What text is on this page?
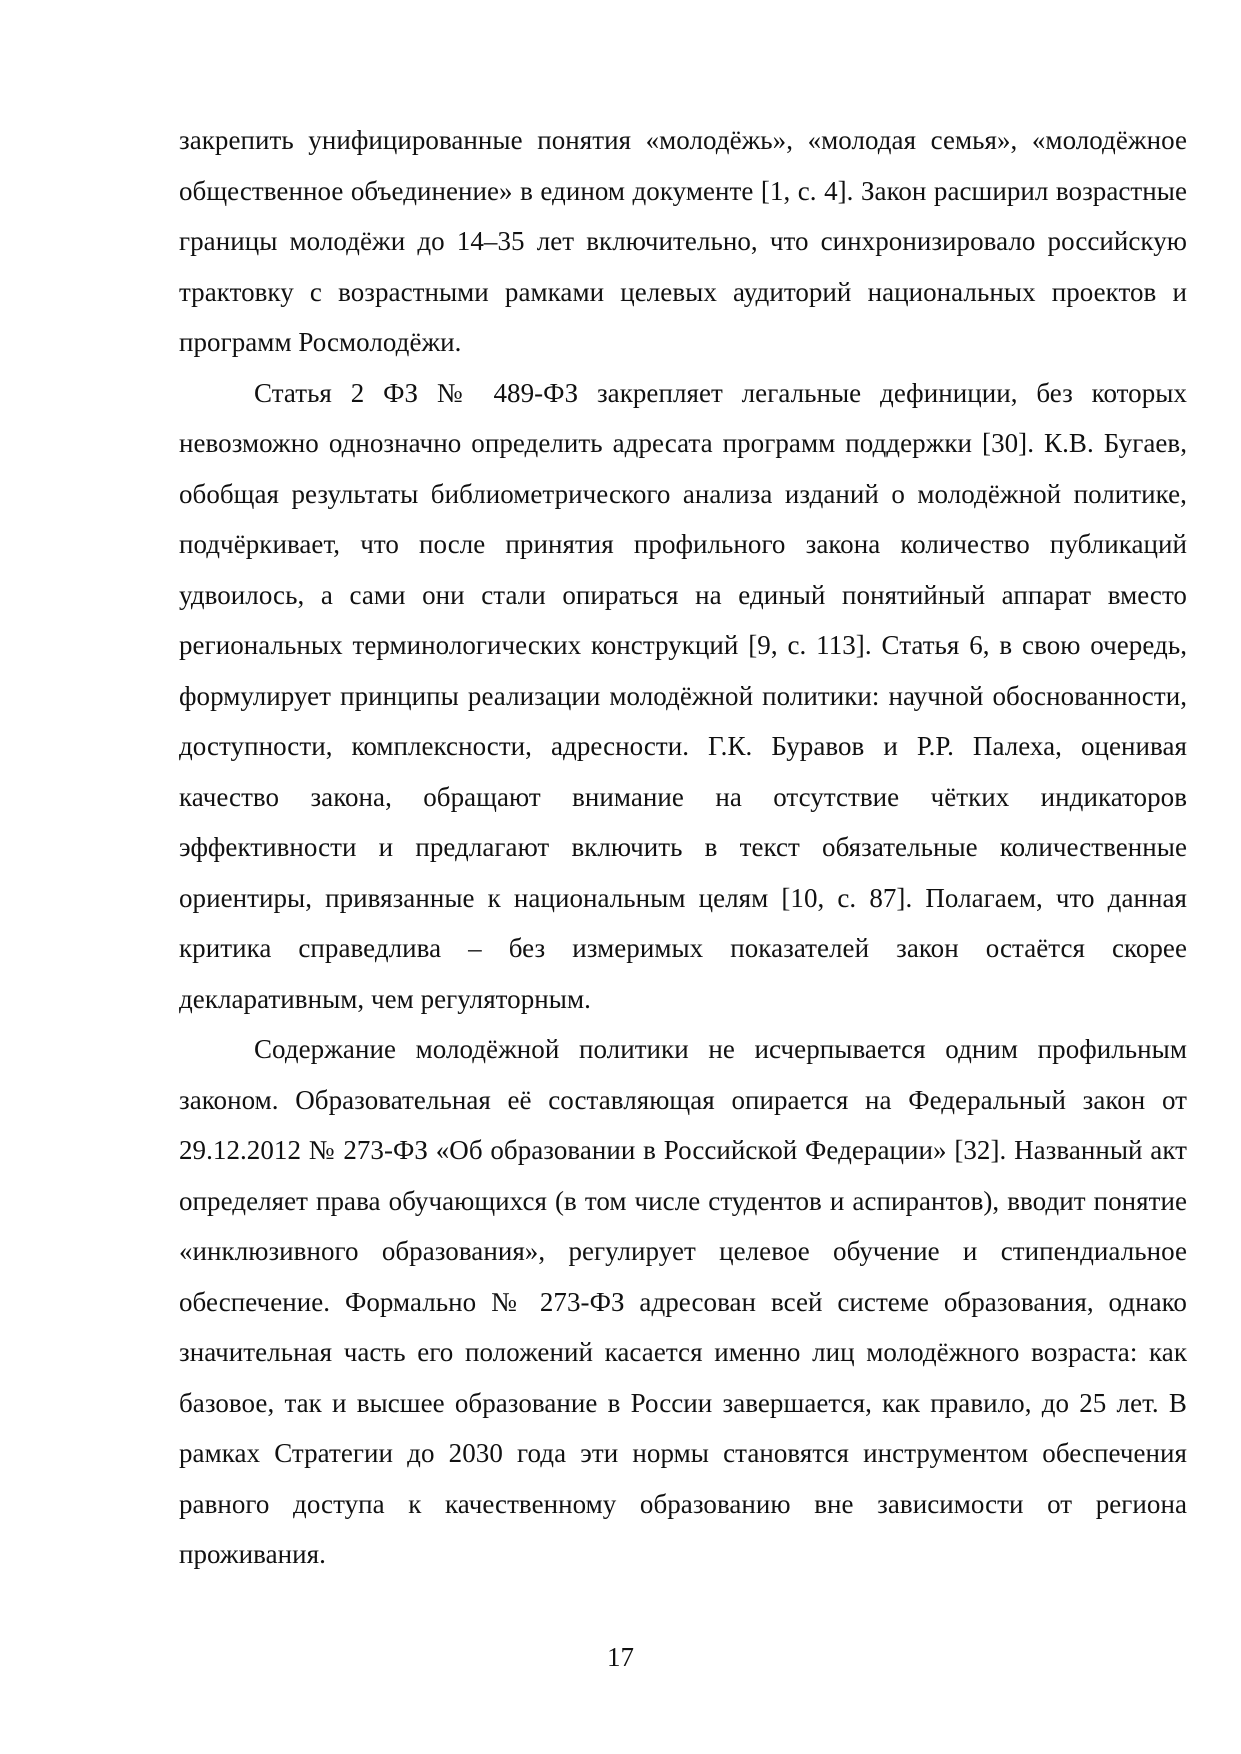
закрепить унифицированные понятия «молодёжь», «молодая семья», «молодёжное общественное объединение» в едином документе [1, с. 4]. Закон расширил возрастные границы молодёжи до 14–35 лет включительно, что синхронизировало российскую трактовку с возрастными рамками целевых аудиторий национальных проектов и программ Росмолодёжи.

Статья 2 ФЗ № 489-ФЗ закрепляет легальные дефиниции, без которых невозможно однозначно определить адресата программ поддержки [30]. К.В. Бугаев, обобщая результаты библиометрического анализа изданий о молодёжной политике, подчёркивает, что после принятия профильного закона количество публикаций удвоилось, а сами они стали опираться на единый понятийный аппарат вместо региональных терминологических конструкций [9, с. 113]. Статья 6, в свою очередь, формулирует принципы реализации молодёжной политики: научной обоснованности, доступности, комплексности, адресности. Г.К. Буравов и Р.Р. Палеха, оценивая качество закона, обращают внимание на отсутствие чётких индикаторов эффективности и предлагают включить в текст обязательные количественные ориентиры, привязанные к национальным целям [10, с. 87]. Полагаем, что данная критика справедлива – без измеримых показателей закон остаётся скорее декларативным, чем регуляторным.

Содержание молодёжной политики не исчерпывается одним профильным законом. Образовательная её составляющая опирается на Федеральный закон от 29.12.2012 № 273-ФЗ «Об образовании в Российской Федерации» [32]. Названный акт определяет права обучающихся (в том числе студентов и аспирантов), вводит понятие «инклюзивного образования», регулирует целевое обучение и стипендиальное обеспечение. Формально № 273-ФЗ адресован всей системе образования, однако значительная часть его положений касается именно лиц молодёжного возраста: как базовое, так и высшее образование в России завершается, как правило, до 25 лет. В рамках Стратегии до 2030 года эти нормы становятся инструментом обеспечения равного доступа к качественному образованию вне зависимости от региона проживания.

17
